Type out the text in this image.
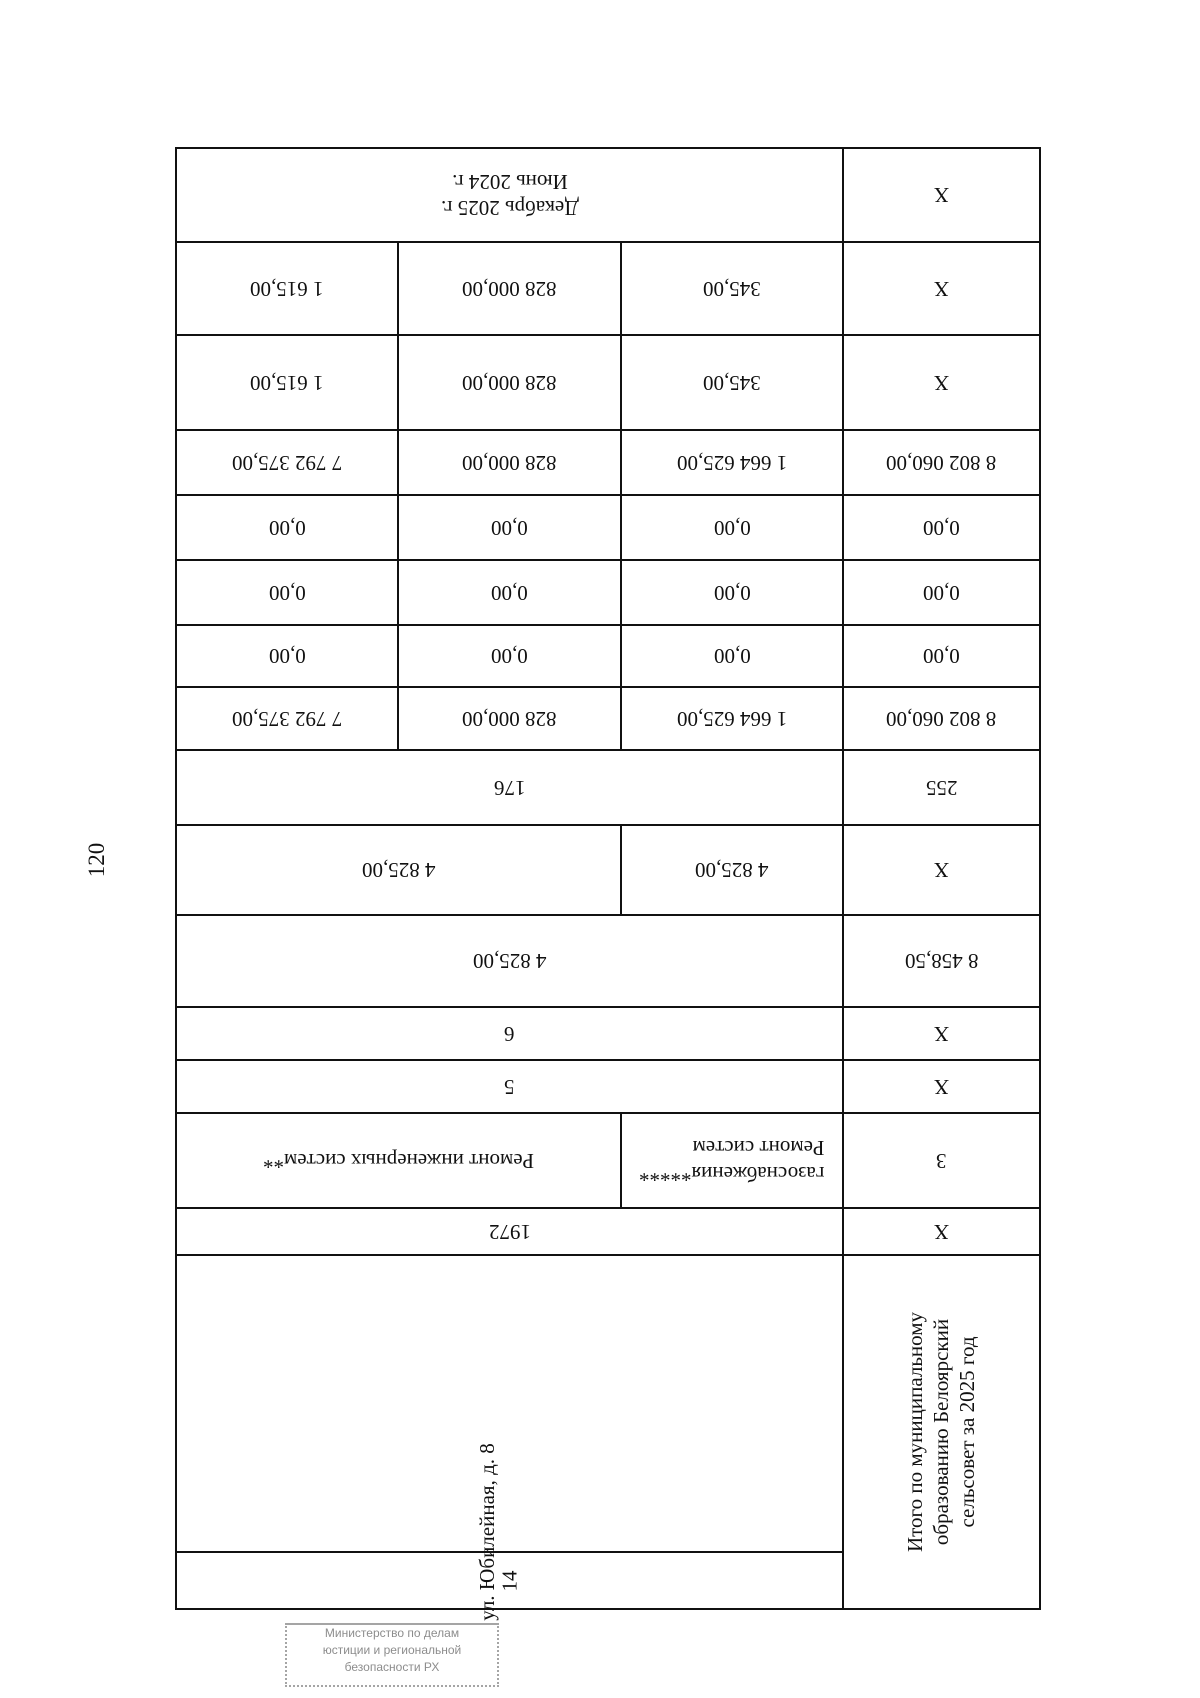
120
Итого по муниципальному образованию Белоярский сельсовет за 2025 год
X
3
X
X
8 458,50
X
255
8 802 060,00
0,00
0,00
0,00
8 802 060,00
X
X
X
14
ул. Юбилейная, д. 8
1972
газоснабжения*****
Ремонт систем
Ремонт инженерных систем**
5
6
4 825,00
4 825,00
4 825,00
176
1 664 625,00
828 000,00
7 792 375,00
0,00
0,00
0,00
0,00
0,00
0,00
0,00
0,00
0,00
1 664 625,00
828 000,00
7 792 375,00
345,00
828 000,00
1 615,00
345,00
828 000,00
1 615,00
Декабрь 2025 г.
Июнь 2024 г.
Министерство по делам
юстиции и региональной
безопасности РХ
